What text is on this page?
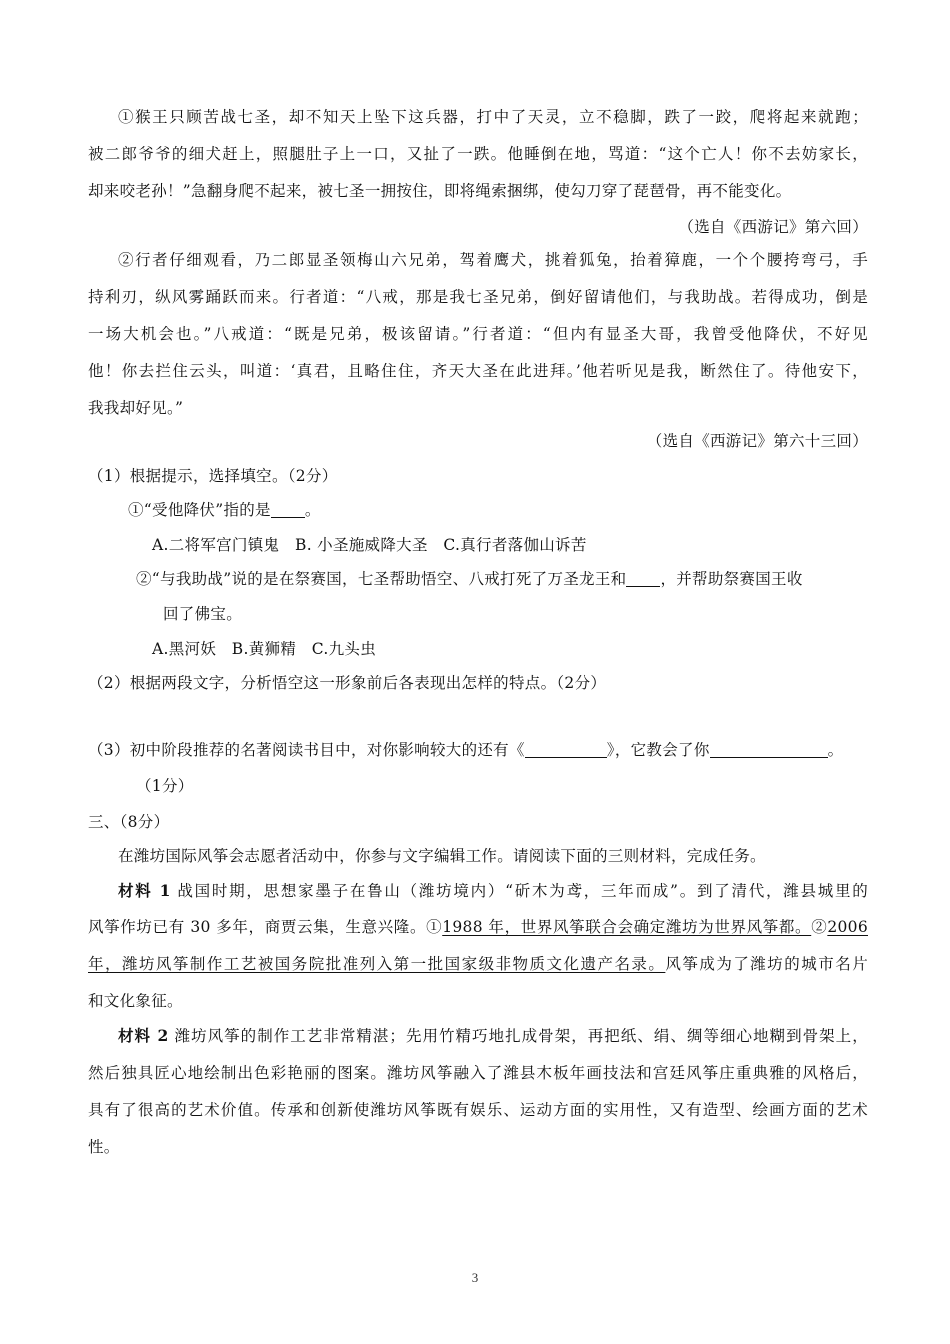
①猴王只顾苦战七圣，却不知天上坠下这兵器，打中了天灵，立不稳脚，跌了一跤，爬将起来就跑；
被二郎爷爷的细犬赶上，照腿肚子上一口，又扯了一跌。他睡倒在地，骂道：“这个亡人！你不去妨家长，
却来咬老孙！”急翻身爬不起来，被七圣一拥按住，即将绳索捆绑，使勾刀穿了琵琶骨，再不能变化。
（选自《西游记》第六回）
②行者仔细观看，乃二郎显圣领梅山六兄弟，驾着鹰犬，挑着狐兔，抬着獐鹿，一个个腰挎弯弓，手
持利刃，纵风雾踊跃而来。行者道：“八戒，那是我七圣兄弟，倒好留请他们，与我助战。若得成功，倒是
一场大机会也。”八戒道：“既是兄弟，极该留请。”行者道：“但内有显圣大哥，我曾受他降伏，不好见
他！你去拦住云头，叫道：‘真君，且略住住，齐天大圣在此进拜。’他若听见是我，断然住了。待他安下，
我我却好见。”
（选自《西游记》第六十三回）
（1）根据提示，选择填空。（2分）
①“受他降伏”指的是 。
A.二将军宫门镇鬼   B. 小圣施威降大圣   C.真行者落伽山诉苦
②“与我助战”说的是在祭赛国，七圣帮助悟空、八戒打死了万圣龙王和 ，并帮助祭赛国王收
回了佛宝。
A.黑河妖   B.黄狮精   C.九头虫
（2）根据两段文字，分析悟空这一形象前后各表现出怎样的特点。（2分）
（3）初中阶段推荐的名著阅读书目中，对你影响较大的还有《	》，它教会了你	。
（1分）
三、（8分）
在潍坊国际风筝会志愿者活动中，你参与文字编辑工作。请阅读下面的三则材料，完成任务。
材料 1 战国时期，思想家墨子在鲁山（潍坊境内）“斫木为鸢，三年而成”。到了清代，潍县城里的
风筝作坊已有 30 多年，商贾云集，生意兴隆。①1988 年，世界风筝联合会确定潍坊为世界风筝都。②2006
年，潍坊风筝制作工艺被国务院批准列入第一批国家级非物质文化遗产名录。风筝成为了潍坊的城市名片
和文化象征。
材料 2 潍坊风筝的制作工艺非常精湛；先用竹精巧地扎成骨架，再把纸、绢、绸等细心地糊到骨架上，
然后独具匠心地绘制出色彩艳丽的图案。潍坊风筝融入了潍县木板年画技法和宫廷风筝庄重典雅的风格后，
具有了很高的艺术价值。传承和创新使潍坊风筝既有娱乐、运动方面的实用性，又有造型、绘画方面的艺术
性。
3
